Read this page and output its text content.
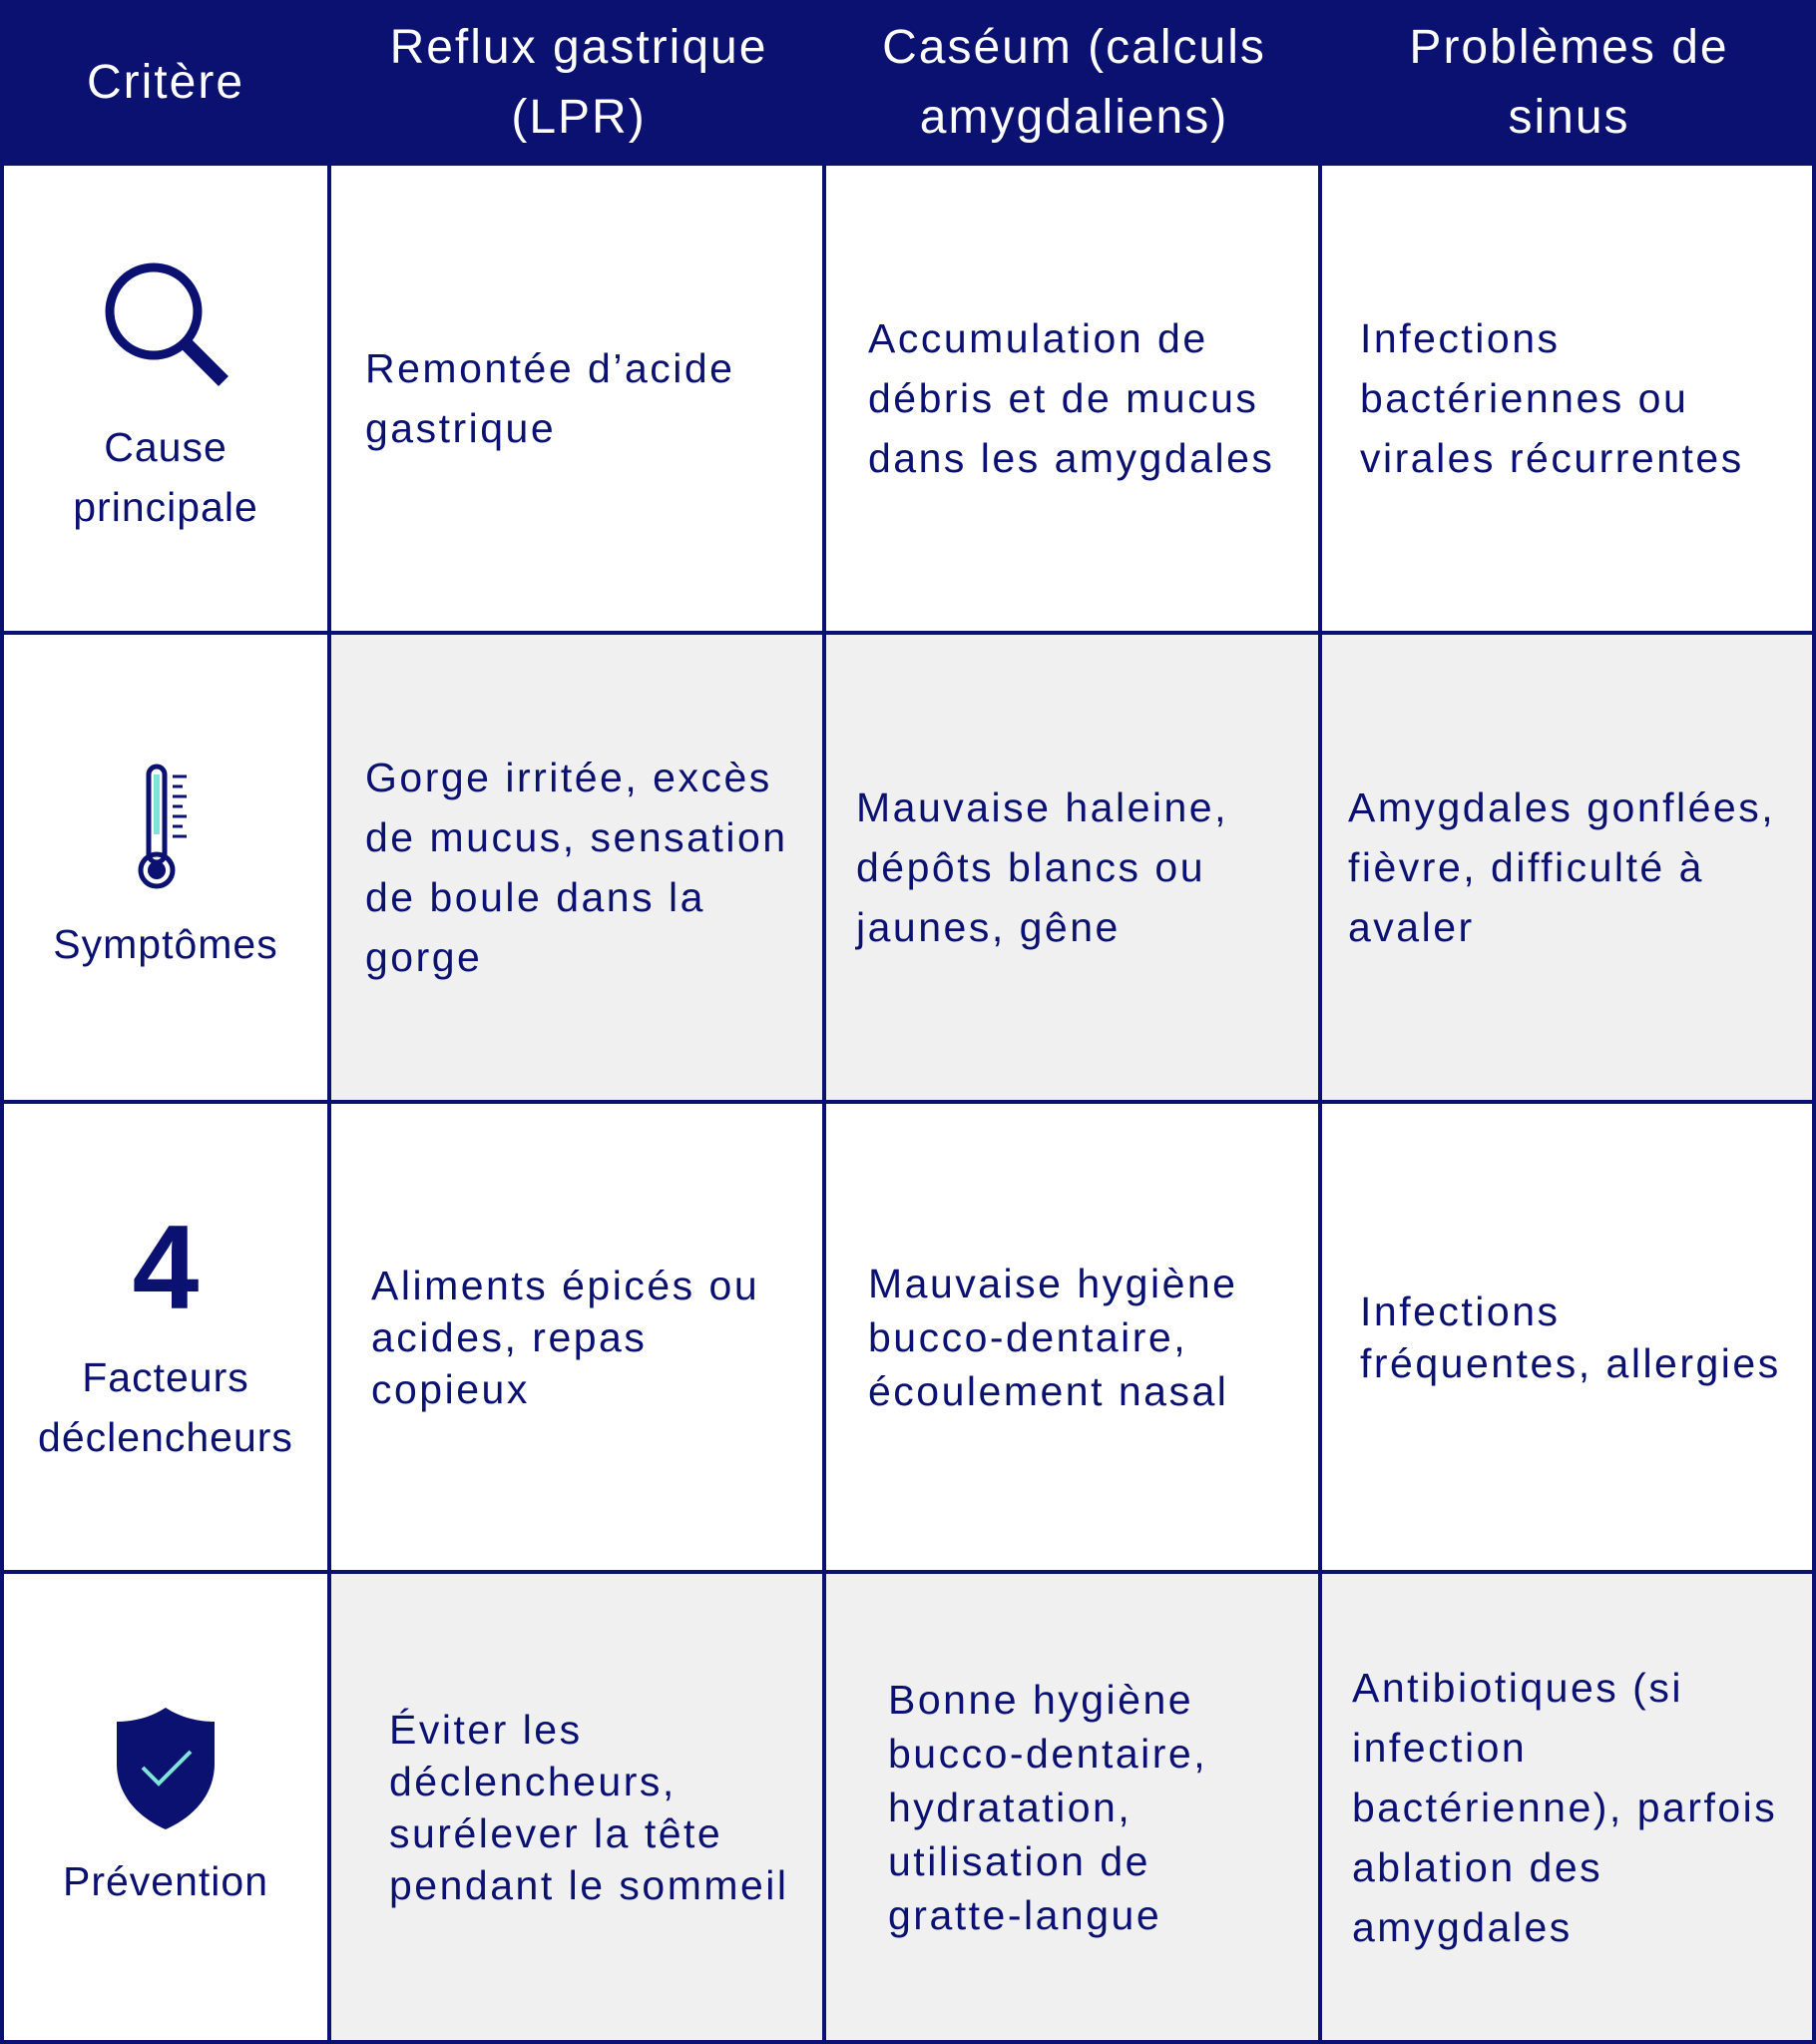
Critère
Reflux gastrique (LPR)
Caséum (calculs amygdaliens)
Problèmes de sinus
Cause principale
Remontée d’acide gastrique
Accumulation de débris et de mucus dans les amygdales
Infections bactériennes ou virales récurrentes
Symptômes
Gorge irritée, excès de mucus, sensation de boule dans la gorge
Mauvaise haleine, dépôts blancs ou jaunes, gêne
Amygdales gonflées, fièvre, difficulté à avaler
4
Facteurs déclencheurs
Aliments épicés ou acides, repas copieux
Mauvaise hygiène bucco-dentaire, écoulement nasal
Infections fréquentes, allergies
Prévention
Éviter les déclencheurs, surélever la tête pendant le sommeil
Bonne hygiène bucco-dentaire, hydratation, utilisation de gratte-langue
Antibiotiques (si infection bactérienne), parfois ablation des amygdales
